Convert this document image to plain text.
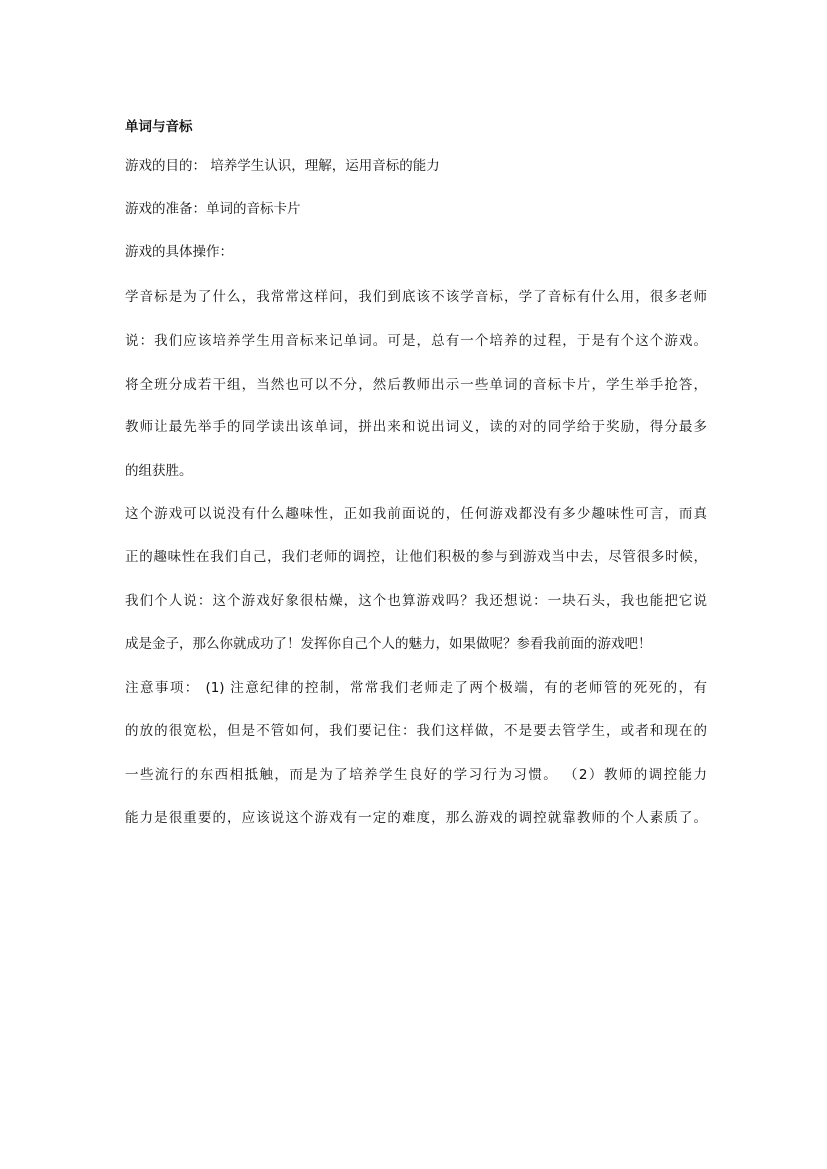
单词与音标
游戏的目的： 培养学生认识，理解，运用音标的能力
游戏的准备：单词的音标卡片
游戏的具体操作：
学音标是为了什么，我常常这样问，我们到底该不该学音标，学了音标有什么用，很多老师
说：我们应该培养学生用音标来记单词。可是，总有一个培养的过程，于是有个这个游戏。
将全班分成若干组，当然也可以不分，然后教师出示一些单词的音标卡片，学生举手抢答，
教师让最先举手的同学读出该单词，拼出来和说出词义，读的对的同学给于奖励，得分最多
的组获胜。
这个游戏可以说没有什么趣味性，正如我前面说的，任何游戏都没有多少趣味性可言，而真
正的趣味性在我们自己，我们老师的调控，让他们积极的参与到游戏当中去，尽管很多时候，
我们个人说：这个游戏好象很枯燥，这个也算游戏吗？我还想说：一块石头，我也能把它说
成是金子，那么你就成功了！发挥你自己个人的魅力，如果做呢？参看我前面的游戏吧！
注意事项： (1) 注意纪律的控制，常常我们老师走了两个极端，有的老师管的死死的，有
的放的很宽松，但是不管如何，我们要记住：我们这样做，不是要去管学生，或者和现在的
一些流行的东西相抵触，而是为了培养学生良好的学习行为习惯。 （2）教师的调控能力
能力是很重要的，应该说这个游戏有一定的难度，那么游戏的调控就靠教师的个人素质了。
